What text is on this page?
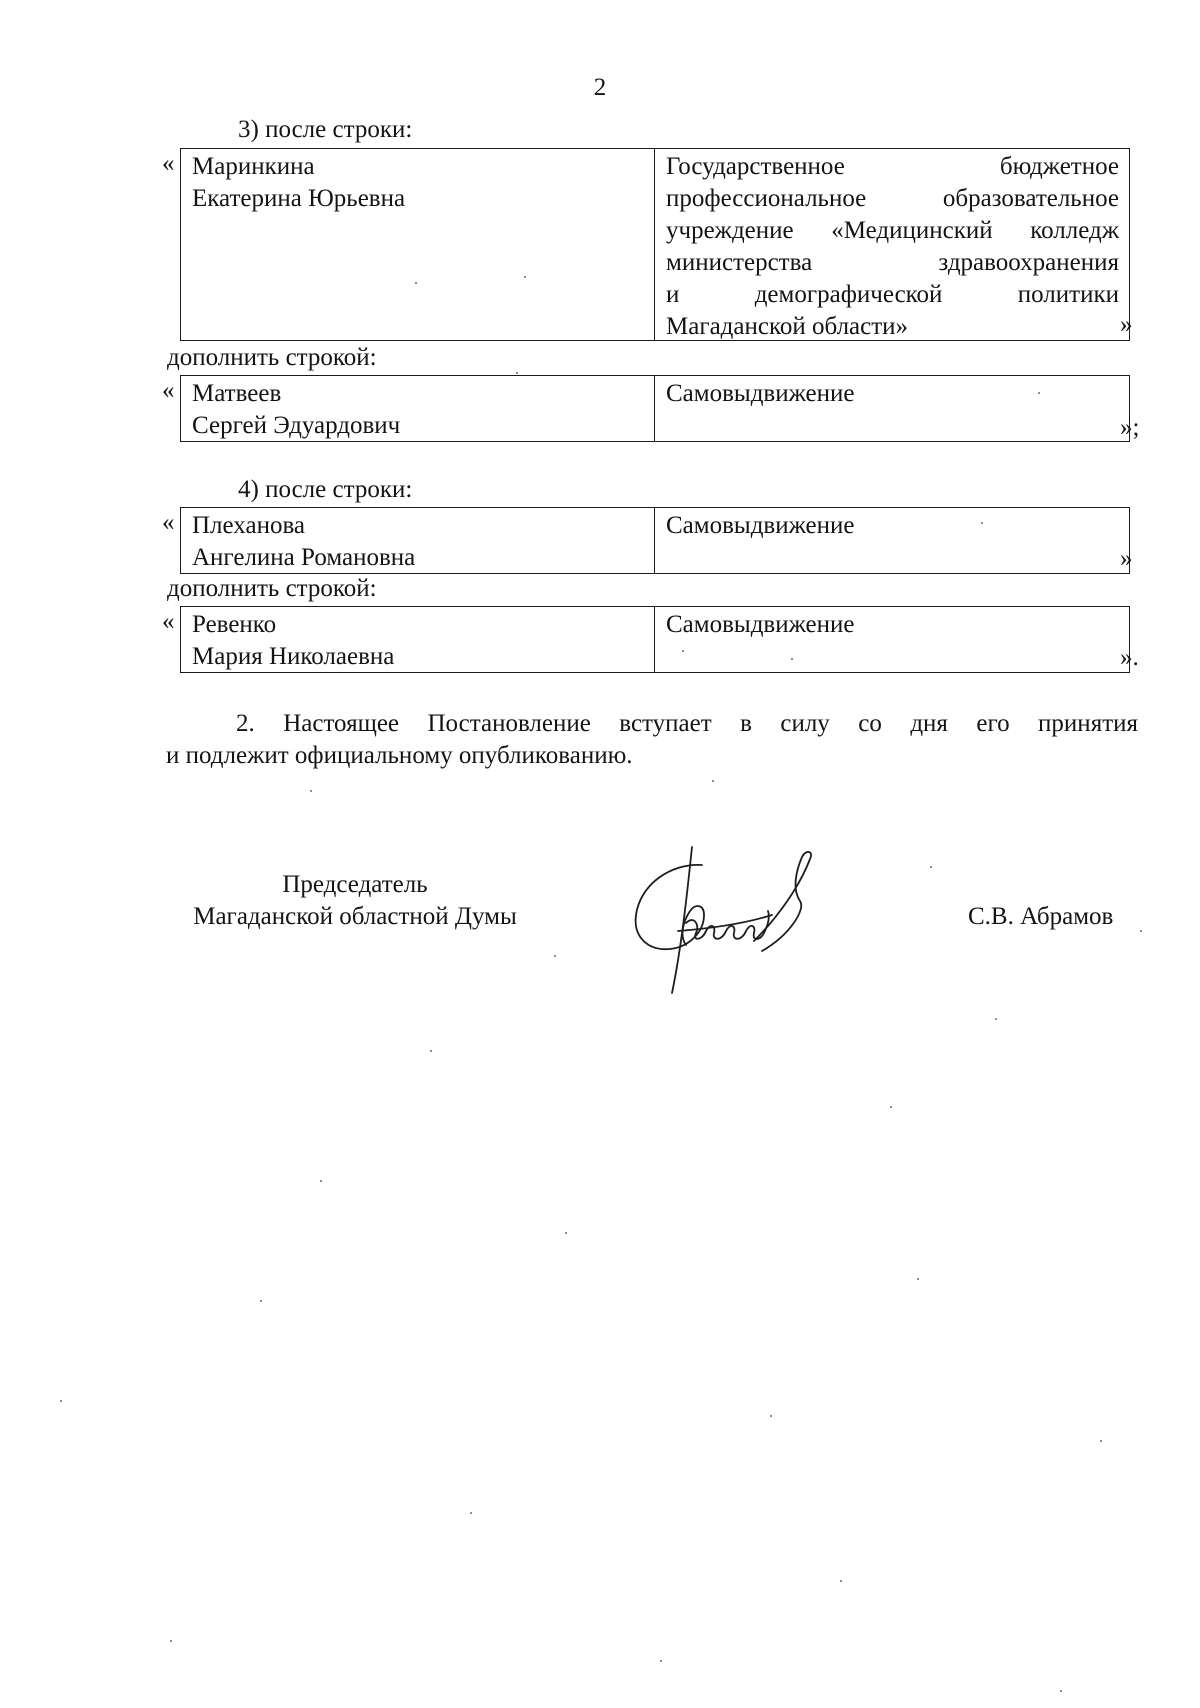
2
3) после строки:
« Маринкина
Екатерина Юрьевна
Государственное бюджетное
профессиональное образовательное
учреждение «Медицинский колледж
министерства здравоохранения
и демографической политики
Магаданской области»	»
дополнить строкой:
« Матвеев
Сергей Эдуардович
Самовыдвижение
»;
4) после строки:
« Плеханова
Ангелина Романовна
Самовыдвижение
»
дополнить строкой:
« Ревенко
Мария Николаевна
Самовыдвижение
».
2. Настоящее Постановление вступает в силу со дня его принятия
и подлежит официальному опубликованию.
Председатель
Магаданской областной Думы	С.В. Абрамов
